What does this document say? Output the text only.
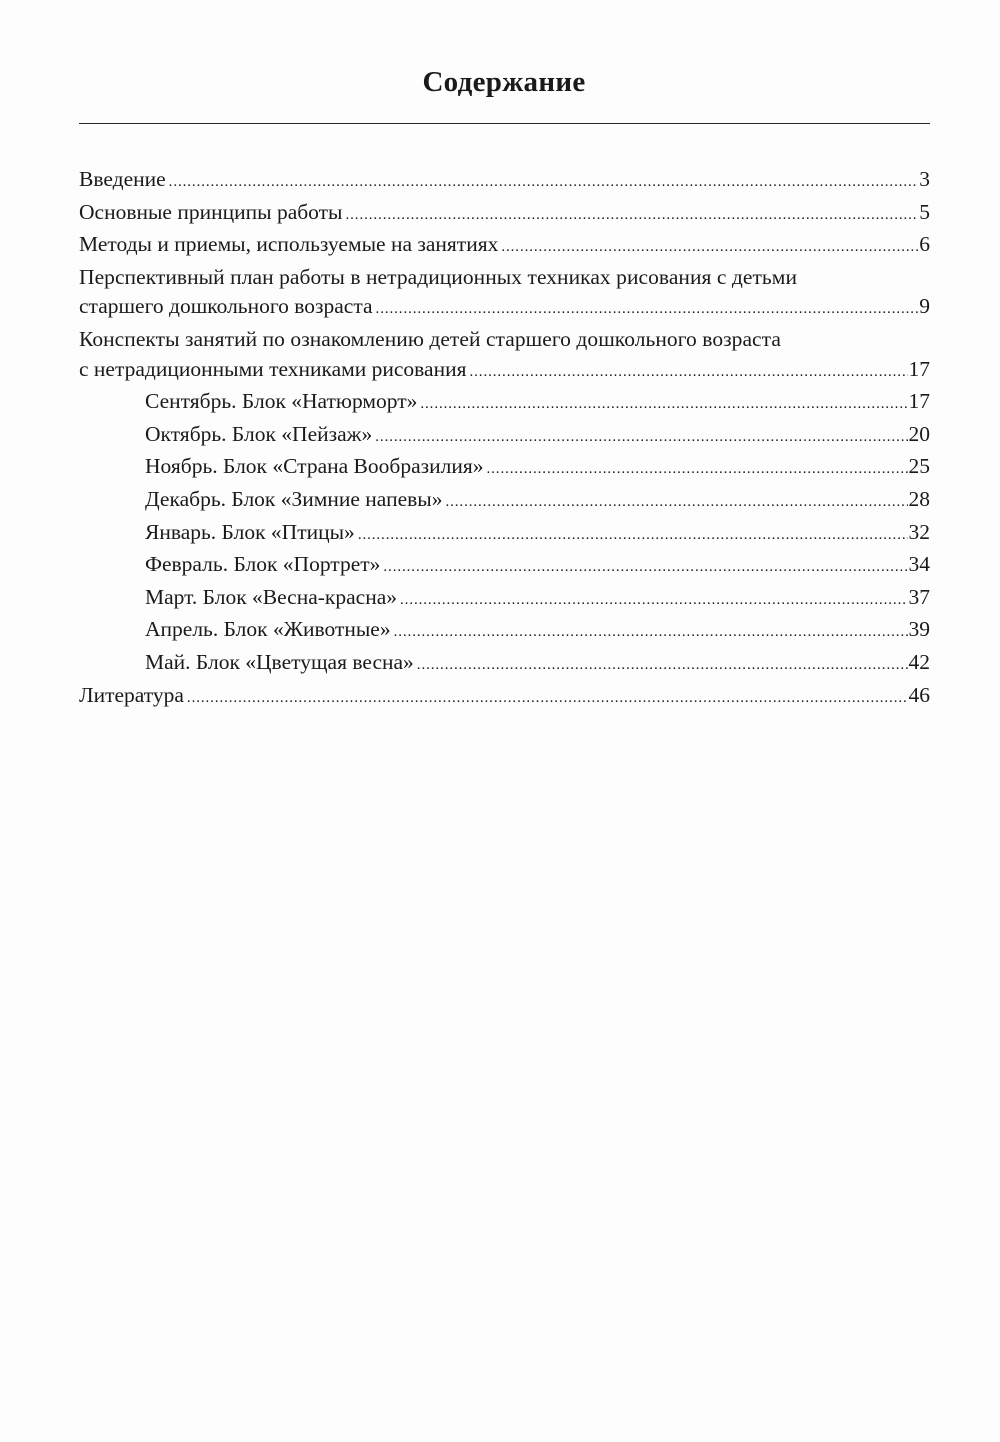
Содержание
Введение .....	3
Основные принципы работы .....	5
Методы и приемы, используемые на занятиях .....	6
Перспективный план работы в нетрадиционных техниках рисования с детьми
старшего дошкольного возраста .....	9
Конспекты занятий по ознакомлению детей старшего дошкольного возраста
с нетрадиционными техниками рисования .....	17
Сентябрь. Блок «Натюрморт» .....	17
Октябрь. Блок «Пейзаж» .....	20
Ноябрь. Блок «Страна Вообразилия» .....	25
Декабрь. Блок «Зимние напевы» .....	28
Январь. Блок «Птицы» .....	32
Февраль. Блок «Портрет» .....	34
Март. Блок «Весна-красна» .....	37
Апрель. Блок «Животные» .....	39
Май. Блок «Цветущая весна» .....	42
Литература .....	46
